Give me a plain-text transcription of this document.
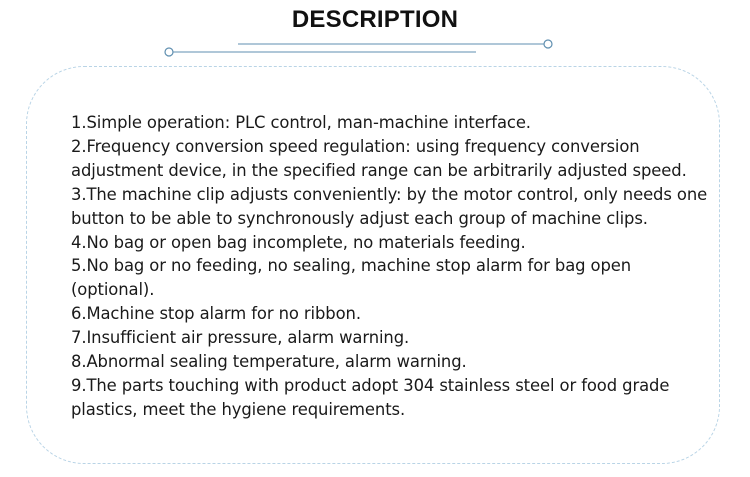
DESCRIPTION

1.Simple operation: PLC control, man-machine interface.

2.Frequency conversion speed regulation: using frequency conversion adjustment device, in the specified range can be arbitrarily adjusted speed.

3.The machine clip adjusts conveniently: by the motor control, only needs one button to be able to synchronously adjust each group of machine clips.

4.No bag or open bag incomplete, no materials feeding.

5.No bag or no feeding, no sealing, machine stop alarm for bag open (optional).

6.Machine stop alarm for no ribbon.

7.Insufficient air pressure, alarm warning.

8.Abnormal sealing temperature, alarm warning.

9.The parts touching with product adopt 304 stainless steel or food grade plastics, meet the hygiene requirements.
